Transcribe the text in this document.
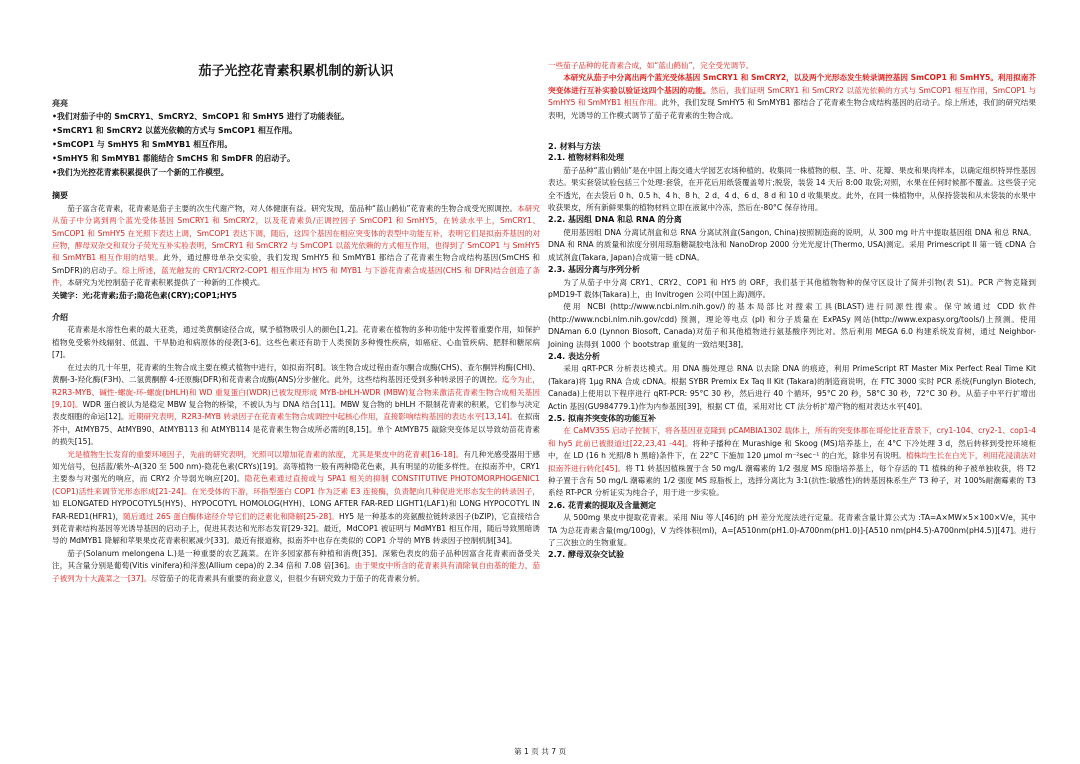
茄子光控花青素积累机制的新认识
亮亮
•我们对茄子中的 SmCRY1、SmCRY2、SmCOP1 和 SmHY5 进行了功能表征。
•SmCRY1 和 SmCRY2 以蓝光依赖的方式与 SmCOP1 相互作用。
•SmCOP1 与 SmHY5 和 SmMYB1 相互作用。
•SmHY5 和 SmMYB1 都能结合 SmCHS 和 SmDFR 的启动子。
•我们为光控花青素积累提供了一个新的工作模型。
摘要

茄子富含花青素，花青素是茄子主要的次生代谢产物，对人体健康有益。研究发现，茄品种“蓝山鹤仙”花青素的生物合成受光照调控。本研究从茄子中分离到两个蓝光受体基因 SmCRY1 和 SmCRY2，以及花青素负/正调控因子 SmCOP1 和 SmHY5，在转录水平上，SmCRY1、SmCOP1 和 SmHY5 在光照下表达上调，SmCOP1 表达下调，随后，这四个基因在相应突变体的表型中功能互补，表明它们是拟南芥基因的对应物，酵母双杂交和双分子荧光互补实验表明，SmCRY1 和 SmCRY2 与 SmCOP1 以蓝光依赖的方式相互作用，也得到了 SmCOP1 与 SmHY5 和 SmMYB1 相互作用的结果。此外，通过酵母单杂交实验，我们发现 SmHY5 和 SmMYB1 都结合了花青素生物合成结构基因(SmCHS 和 SmDFR)的启动子。综上所述，蓝光触发的 CRY1/CRY2-COP1 相互作用为 HY5 和 MYB1 与下游花青素合成基因(CHS 和 DFR)结合创造了条件，本研究为光控制茄子花青素积累提供了一种新的工作模式。

关键字：光;花青素;茄子;隐花色素(CRY);COP1;HY5

介绍

花青素是水溶性色素的最大亚类，通过类黄酮途径合成，赋予植物吸引人的颜色[1,2]。花青素在植物的多种功能中发挥着重要作用，如保护植物免受紫外线辐射、低温、干旱胁迫和病原体的侵袭[3-6]。这些色素还有助于人类预防多种慢性疾病，如癌症、心血管疾病、肥胖和糖尿病[7]。

在过去的几十年里，花青素的生物合成主要在模式植物中进行，如拟南芥[8]。该生物合成过程由查尔酮合成酶(CHS)、查尔酮异构酶(CHI)、黄酮-3-羟化酶(F3H)、二氢黄酮醇 4-还原酶(DFR)和花青素合成酶(ANS)分步催化。此外，这些结构基因还受到多种转录因子的调控。迄今为止，R2R3-MYB、碱性-螺旋-环-螺旋(bHLH)和 WD 重复蛋白(WDR)已被发现形成 MYB-bHLH-WDR (MBW)复合物来激活花青素生物合成相关基因[9,10]。WDR 蛋白被认为是稳定 MBW 复合物的桥梁，不被认为与 DNA 结合[11]。MBW 复合物的 bHLH 不限制花青素的积累，它们参与决定表皮细胞的命运[12]。近期研究表明，R2R3-MYB 转录因子在花青素生物合成调控中起核心作用，直接影响结构基因的表达水平[13,14]。在拟南芥中，AtMYB75、AtMYB90、AtMYB113 和 AtMYB114 是花青素生物合成所必需的[8,15]。单个 AtMYB75 敲除突变体足以导致幼苗花青素的损失[15]。

光是植物生长发育的重要环境因子，先前的研究表明，光照可以增加花青素的浓度，尤其是果皮中的花青素[16-18]。有几种光感受器用于感知光信号，包括蓝/紫外-A(320 至 500 nm)-隐花色素(CRYs)[19]。高等植物一般有两种隐花色素，具有明显的功能多样性。在拟南芥中，CRY1 主要参与对强光的响应，而 CRY2 介导弱光响应[20]。隐花色素通过直接或与 SPA1 相关的抑制 CONSTITUTIVE PHOTOMORPHOGENIC1 (COP1)活性来调节光形态形成[21-24]。在光受体的下游，环指型蛋白 COP1 作为泛素 E3 连接酶，负责靶向几种促进光形态发生的转录因子，如 ELONGATED HYPOCOTYL5(HY5)、HYPOCOTYL HOMOLOG(HYH)、LONG AFTER FAR-RED LIGHT1(LAF1)和 LONG HYPOCOTYL IN FAR-RED1(HFR1)，随后通过 26S 蛋白酶体途径介导它们的泛素化和降解[25-28]。HY5 是一种基本的亮氨酸拉链转录因子(bZIP)，它直接结合到花青素结构基因等光诱导基因的启动子上，促进其表达和光形态发育[29-32]。最近，MdCOP1 被证明与 MdMYB1 相互作用，随后导致黑暗诱导的 MdMYB1 降解和苹果果皮花青素积累减少[33]。最近有报道称，拟南芥中也存在类似的 COP1 介导的 MYB 转录因子控制机制[34]。

茄子(Solanum melongena L.)是一种重要的农艺蔬菜。在许多园家都有种植和消费[35]。深紫色表皮的茄子品种因富含花青素而备受关注，其含量分别是葡萄(Vitis vinifera)和洋葱(Allium cepa)的 2.34 倍和 7.08 倍[36]。由于果皮中所含的花青素具有清除氧自由基的能力，茄子被列为十大蔬菜之一[37]。尽管茄子的花青素具有重要的商业意义，但很少有研究致力于茄子的花青素分析。

一些茄子品种的花青素合成，如“蓝山鹤仙”，完全受光调节。

本研究从茄子中分离出两个蓝光受体基因 SmCRY1 和 SmCRY2，以及两个光形态发生转录调控基因 SmCOP1 和 SmHY5。利用拟南芥突变体进行互补实验以验证这四个基因的功能。然后，我们证明 SmCRY1 和 SmCRY2 以蓝光依赖的方式与 SmCOP1 相互作用，SmCOP1 与 SmHY5 和 SmMYB1 相互作用。此外，我们发现 SmHY5 和 SmMYB1 都结合了花青素生物合成结构基因的启动子。综上所述，我们的研究结果表明，光诱导的工作模式调节了茄子花青素的生物合成。

2. 材料与方法
2.1. 植物材料和处理

茄子品种“蓝山鹤仙”是在中国上海交通大学园艺农场种植的。收集同一株植物的根、茎、叶、花瓣、果皮和果肉样本，以确定组织特异性基因表达。果实套袋试验包括三个处理:套袋，在开花后用纸袋覆盖萼片;脱袋，装袋 14 天后 8:00 取袋;对照，水果在任何时候都不覆盖。这些袋子完全不透光，在去袋后 0 h、0.5 h、4 h、8 h、2 d、4 d、6 d、8 d 和 10 d 收集果皮。此外，在同一株植物中，从保持袋装和从未袋装的水果中收获果皮，所有新鲜果集的植物材料立即在液氮中冷冻，然后在-80°C 保存待用。

2.2. 基因组 DNA 和总 RNA 的分离

使用基因组 DNA 分离试剂盒和总 RNA 分离试剂盒(Sangon, China)按照制造商的说明，从 300 mg 叶片中提取基因组 DNA 和总 RNA。DNA 和 RNA 的质量和浓度分别用琼脂糖凝胶电泳和 NanoDrop 2000 分光光度计(Thermo, USA)测定。采用 Primescript II 第一链 cDNA 合成试剂盒(Takara, Japan)合成第一链 cDNA。

2.3. 基因分离与序列分析

为了从茄子中分离 CRY1、CRY2、COP1 和 HY5 的 ORF，我们基于其他植物物种的保守区设计了简并引物(表 S1)。PCR 产物克隆到 pMD19-T 载体(Takara)上，由 Invitrogen 公司(中国上海)测序。

使用 NCBI (http://www.ncbi.nlm.nih.gov/)的基本局部比对搜索工具(BLAST)进行同源性搜索。保守域通过 CDD 软件 (http://www.ncbi.nlm.nih.gov/cdd) 预测，理论等电点 (pI) 和分子质量在 ExPASy 网站(http://www.expasy.org/tools/)上预测。使用 DNAman 6.0 (Lynnon Biosoft, Canada)对茄子和其他植物进行氨基酸序列比对。然后利用 MEGA 6.0 构建系统发育树，通过 Neighbor-Joining 法得到 1000 个 bootstrap 重复的一致结果[38]。

2.4. 表达分析

采用 qRT-PCR 分析表达模式。用 DNA 酶处理总 RNA 以去除 DNA 的痕迹，利用 PrimeScript RT Master Mix Perfect Real Time Kit (Takara)将 1μg RNA 合成 cDNA。根据 SYBR Premix Ex Taq II Kit (Takara)的制造商说明，在 FTC 3000 实时 PCR 系统(Funglyn Biotech, Canada)上使用以下程序进行 qRT-PCR: 95°C 30 秒，然后进行 40 个循环，95°C 20 秒，58°C 30 秒，72°C 30 秒。从茄子中平行扩增出 Actin 基因(GU984779.1)作为内参基因[39]，根据 CT 值，采用对比 CT 法分析扩增产物的相对表达水平[40]。

2.5. 拟南芥突变体的功能互补

在 CaMV35S 启动子控制下，将各基因亚克隆到 pCAMBIA1302 载体上，所有的突变体都在哥伦比亚背景下，cry1-104、cry2-1、cop1-4 和 hy5 此前已被报道过[22,23,41 -44]。将种子播种在 Murashige 和 Skoog (MS)培养基上，在 4°C 下冷处理 3 d，然后转移到受控环境柜中，在 LD (16 h 光照/8 h 黑暗)条件下，在 22°C 下施加 120 μmol m⁻²sec⁻¹ 的白光，除非另有说明。植株均生长在白光下，利用花浸渍法对拟南芥进行转化[45]。将 T1 转基因植株置于含 50 mg/L 潮霉素的 1/2 强度 MS 琼脂培养基上，每个存活的 T1 植株的种子被单独收获，将 T2 种子置于含有 50 mg/L 潮霉素的 1/2 强度 MS 琼脂板上，选择分离比为 3:1(抗性:敏感性)的转基因株系生产 T3 种子，对 100%耐潮霉素的 T3 系经 RT-PCR 分析证实为纯合子，用于进一步实验。

2.6. 花青素的提取及含量测定

从 500mg 果皮中提取花青素。采用 Niu 等人[46]的 pH 差分光度法进行定量。花青素含量计算公式为 :TA=A×MW×5×100×V/e，其中 TA 为总花青素含量(mg/100g)，V 为终体积(ml)，A=[A510nm(pH1.0)-A700nm(pH1.0)]-[A510 nm(pH4.5)-A700nm(pH4.5)][47]。进行了三次独立的生物重复。

2.7. 酵母双杂交试验
第 1 页 共 7 页
